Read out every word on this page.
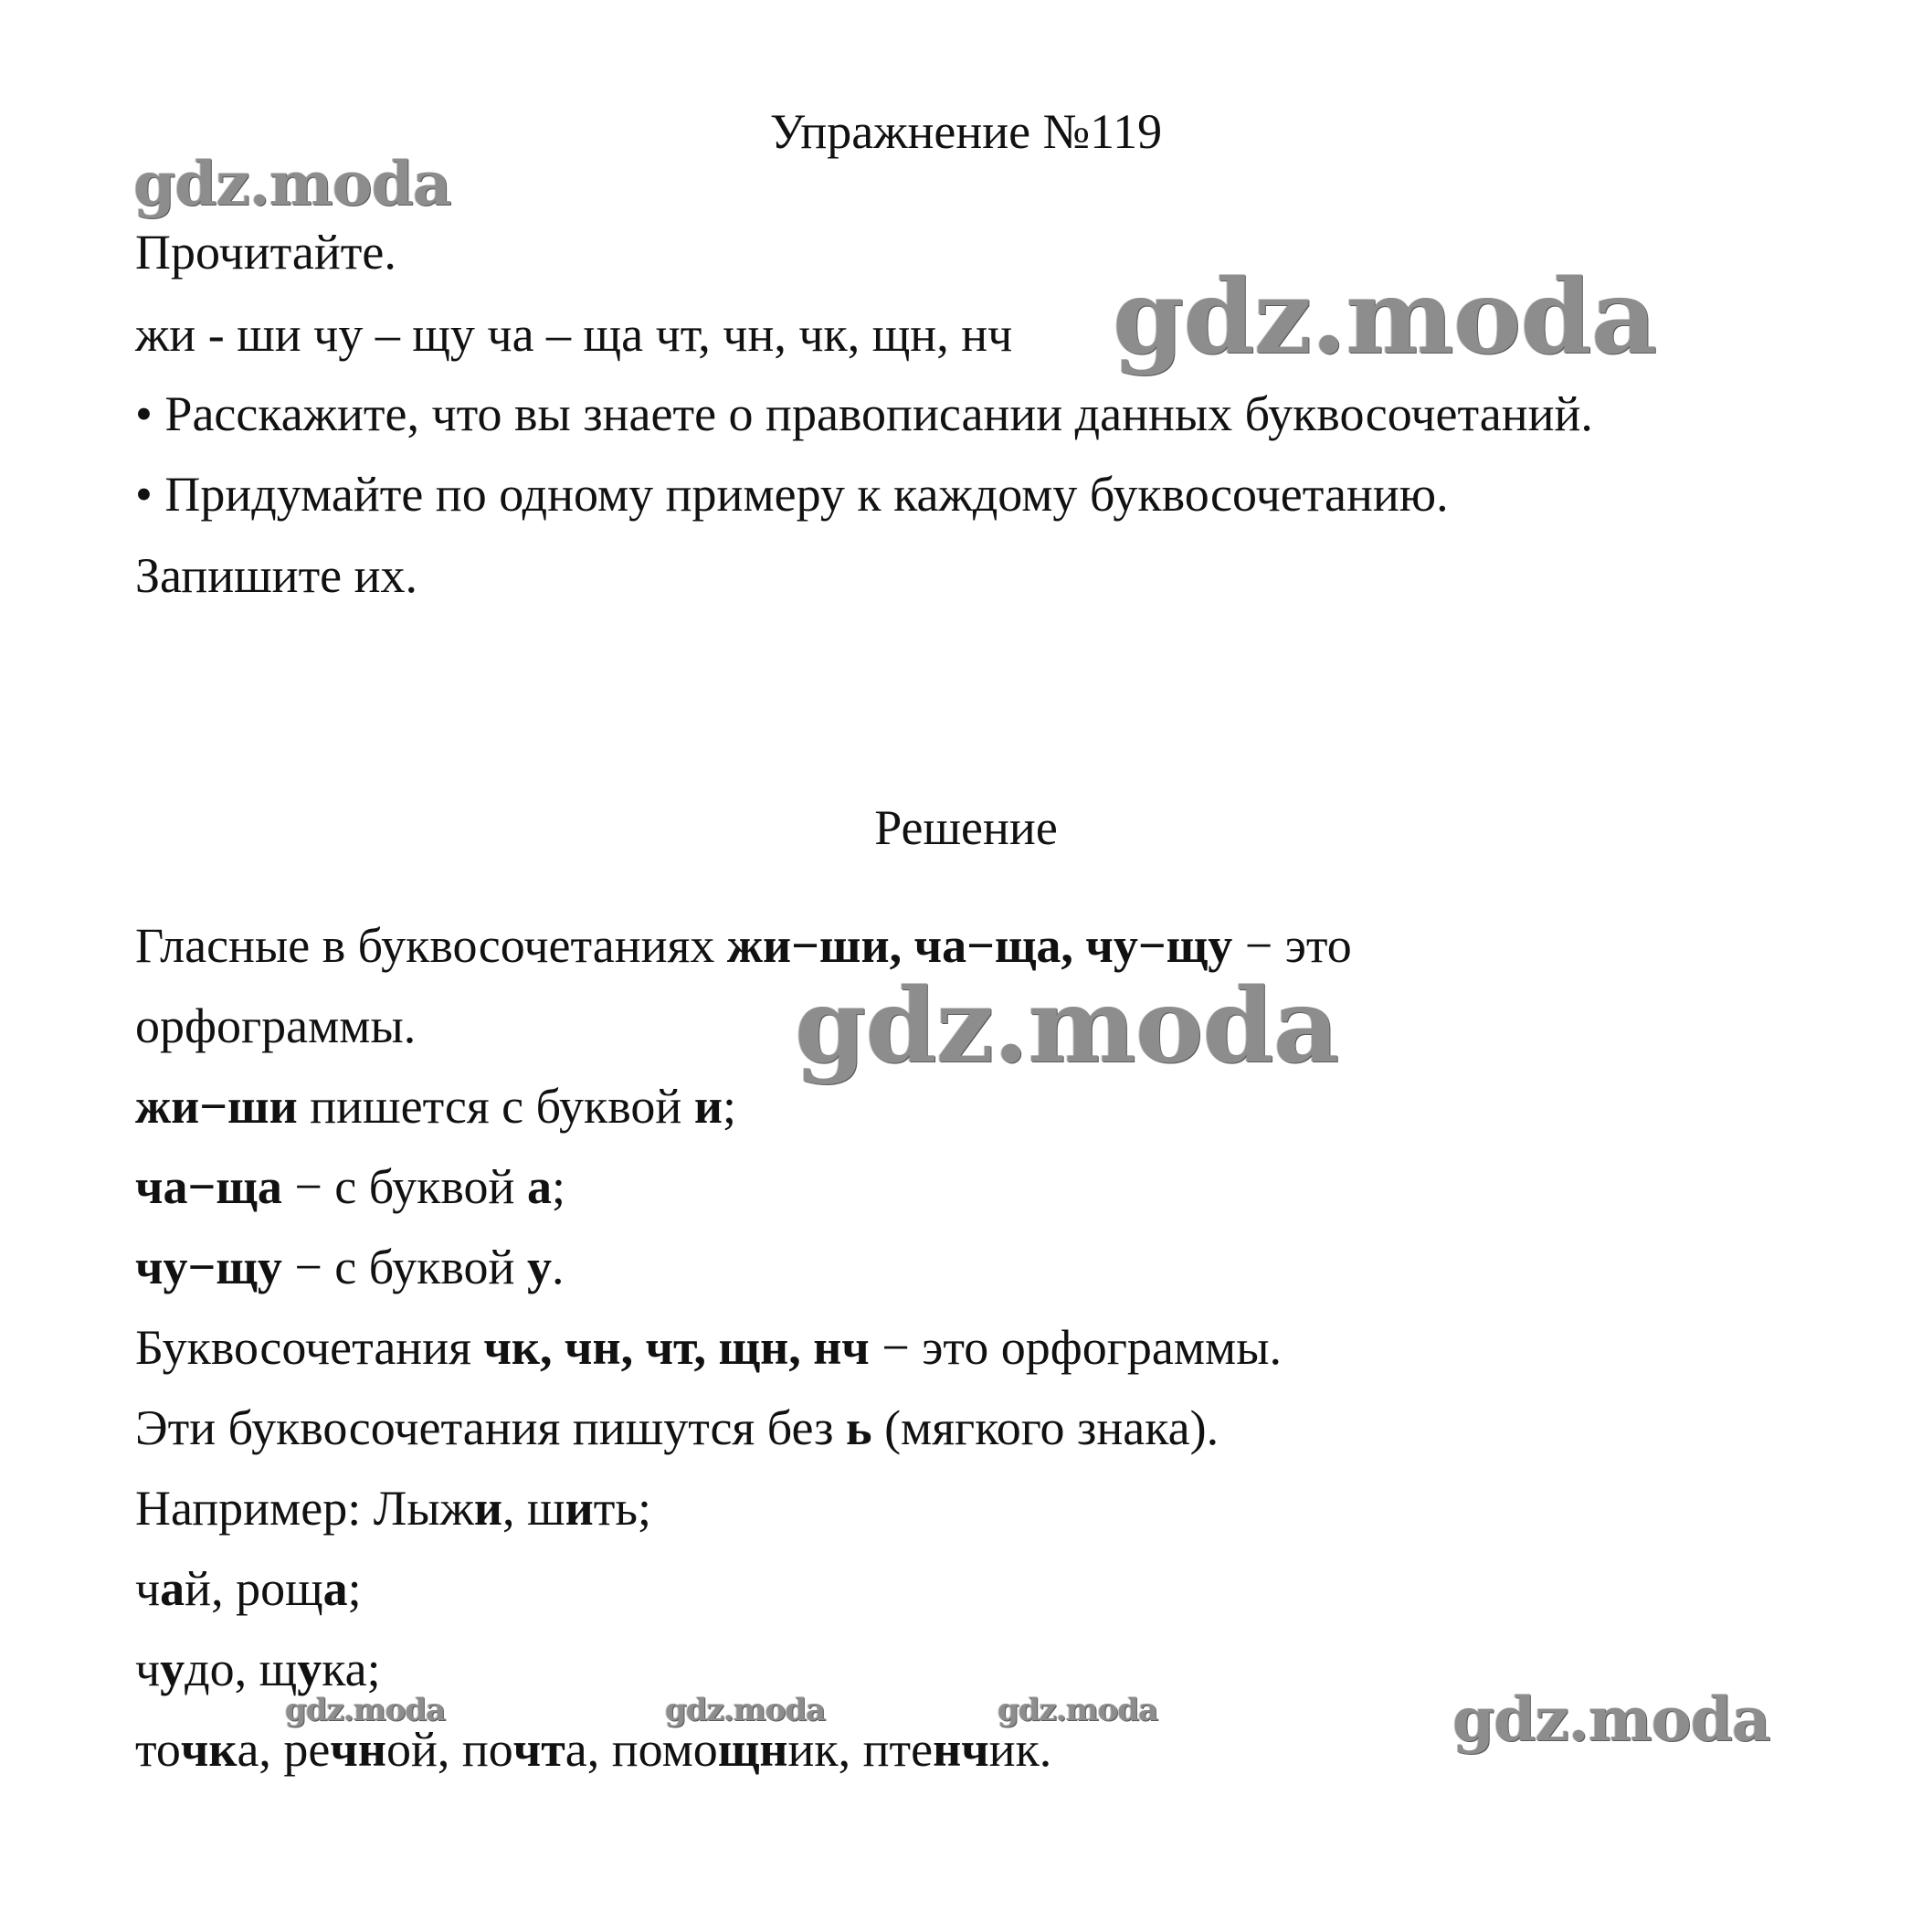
Упражнение №119
Прочитайте.
жи - ши чу – щу ча – ща чт, чн, чк, щн, нч
• Расскажите, что вы знаете о правописании данных буквосочетаний.
• Придумайте по одному примеру к каждому буквосочетанию.
Запишите их.
Решение
Гласные в буквосочетаниях жи−ши, ча−ща, чу−щу − это
орфограммы.
жи−ши пишется с буквой и;
ча−ща − с буквой а;
чу−щу − с буквой у.
Буквосочетания чк, чн, чт, щн, нч − это орфограммы.
Эти буквосочетания пишутся без ь (мягкого знака).
Например: Лыжи, шить;
чай, роща;
чудо, щука;
точка, речной, почта, помощник, птенчик.
gdz.moda
gdz.moda
gdz.moda
gdz.moda	gdz.moda	gdz.moda	gdz.moda
